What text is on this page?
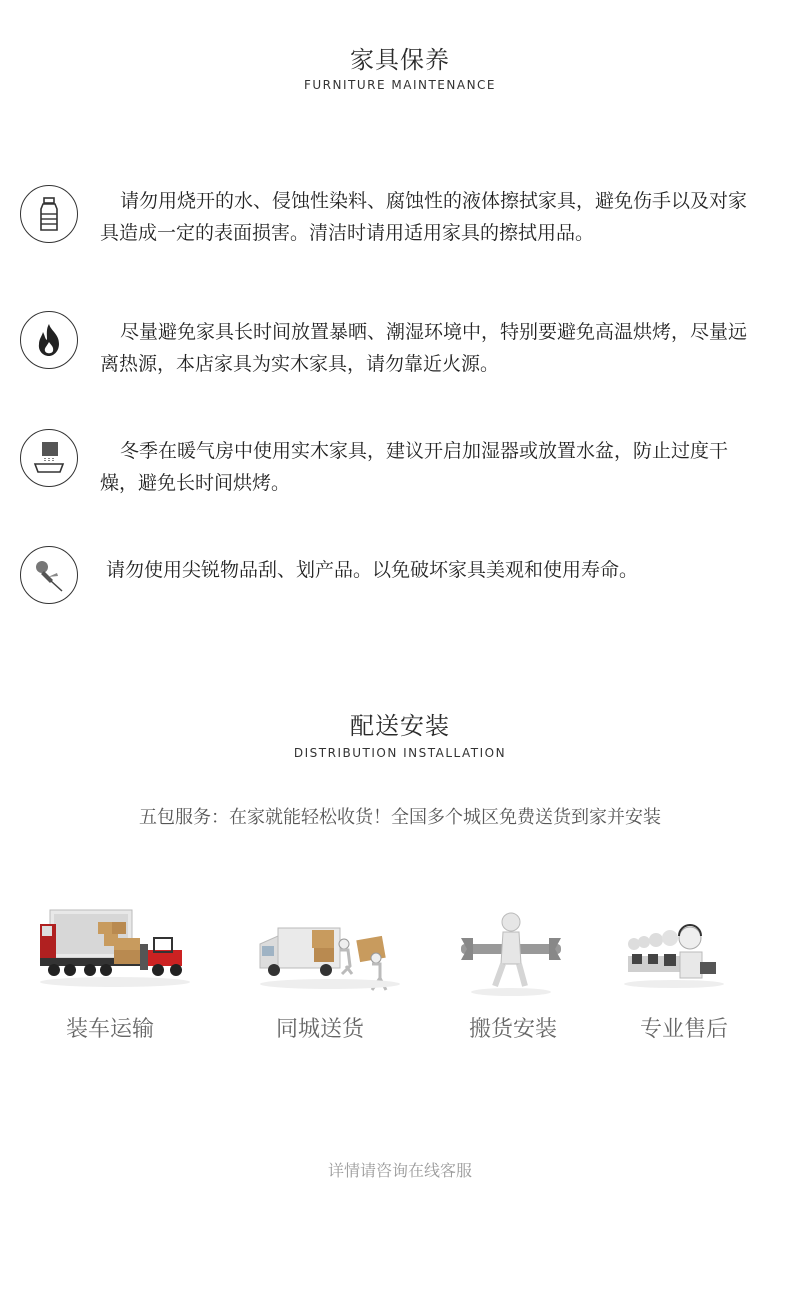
家具保养
FURNITURE MAINTENANCE
请勿用烧开的水、侵蚀性染料、腐蚀性的液体擦拭家具，避免伤手以及对家具造成一定的表面损害。清洁时请用适用家具的擦拭用品。
尽量避免家具长时间放置暴晒、潮湿环境中，特别要避免高温烘烤，尽量远离热源，本店家具为实木家具，请勿靠近火源。
冬季在暖气房中使用实木家具，建议开启加湿器或放置水盆，防止过度干燥，避免长时间烘烤。
请勿使用尖锐物品刮、划产品。以免破坏家具美观和使用寿命。
配送安装
DISTRIBUTION INSTALLATION
五包服务：在家就能轻松收货！全国多个城区免费送货到家并安装
装车运输	同城送货	搬货安装	专业售后
详情请咨询在线客服
